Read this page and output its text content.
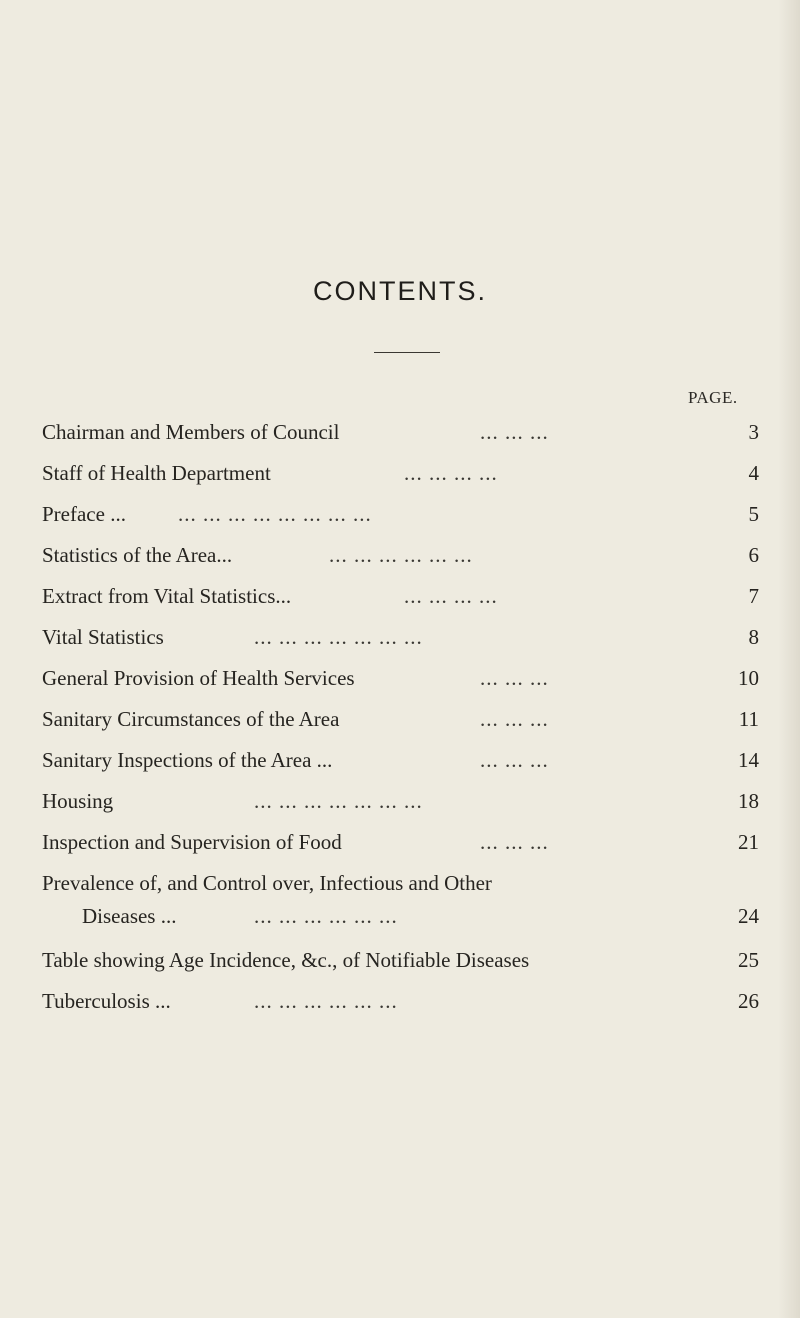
CONTENTS.
PAGE.
Chairman and Members of Council	... ... ...	3
Staff of Health Department	... ... ... ...	4
Preface ... ... ... ... ... ... ... ... ...	5
Statistics of the Area...	... ... ... ... ... ...	6
Extract from Vital Statistics...	... ... ... ...	7
Vital Statistics	... ... ... ... ... ... ...	8
General Provision of Health Services	... ... ...	10
Sanitary Circumstances of the Area	... ... ...	11
Sanitary Inspections of the Area ...	... ... ...	14
Housing	... ... ... ... ... ... ...	18
Inspection and Supervision of Food	... ... ...	21
Prevalence of, and Control over, Infectious and Other
Diseases ...	... ... ... ... ... ...	24
Table showing Age Incidence, &c., of Notifiable Diseases	25
Tuberculosis ...	... ... ... ... ... ...	26
